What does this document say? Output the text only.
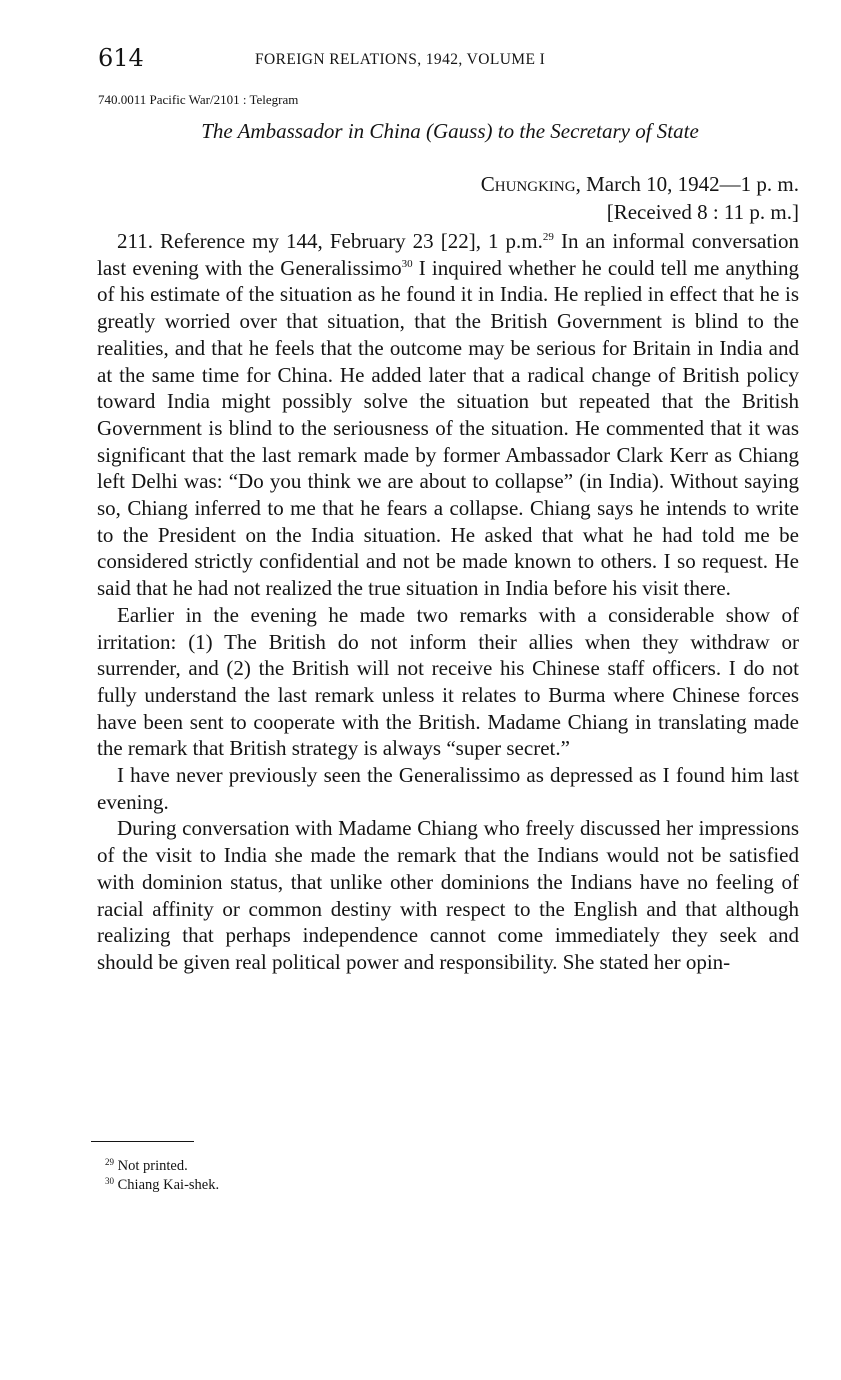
614	FOREIGN RELATIONS, 1942, VOLUME I
740.0011 Pacific War/2101 : Telegram
The Ambassador in China (Gauss) to the Secretary of State
Chungking, March 10, 1942—1 p. m.
[Received 8 : 11 p. m.]

211. Reference my 144, February 23 [22], 1 p.m.$^{29}$ In an informal conversation last evening with the Generalissimo$^{30}$ I inquired whether he could tell me anything of his estimate of the situation as he found it in India. He replied in effect that he is greatly worried over that situation, that the British Government is blind to the realities, and that he feels that the outcome may be serious for Britain in India and at the same time for China. He added later that a radical change of British policy toward India might possibly solve the situation but repeated that the British Government is blind to the seriousness of the situation. He commented that it was significant that the last remark made by former Ambassador Clark Kerr as Chiang left Delhi was: “Do you think we are about to collapse” (in India). Without saying so, Chiang inferred to me that he fears a collapse. Chiang says he intends to write to the President on the India situation. He asked that what he had told me be considered strictly confidential and not be made known to others. I so request. He said that he had not realized the true situation in India before his visit there.

Earlier in the evening he made two remarks with a considerable show of irritation: (1) The British do not inform their allies when they withdraw or surrender, and (2) the British will not receive his Chinese staff officers. I do not fully understand the last remark unless it relates to Burma where Chinese forces have been sent to cooperate with the British. Madame Chiang in translating made the remark that British strategy is always “super secret.”

I have never previously seen the Generalissimo as depressed as I found him last evening.

During conversation with Madame Chiang who freely discussed her impressions of the visit to India she made the remark that the Indians would not be satisfied with dominion status, that unlike other dominions the Indians have no feeling of racial affinity or common destiny with respect to the English and that although realizing that perhaps independence cannot come immediately they seek and should be given real political power and responsibility. She stated her opin-

$^{29}$ Not printed.
$^{30}$ Chiang Kai-shek.
